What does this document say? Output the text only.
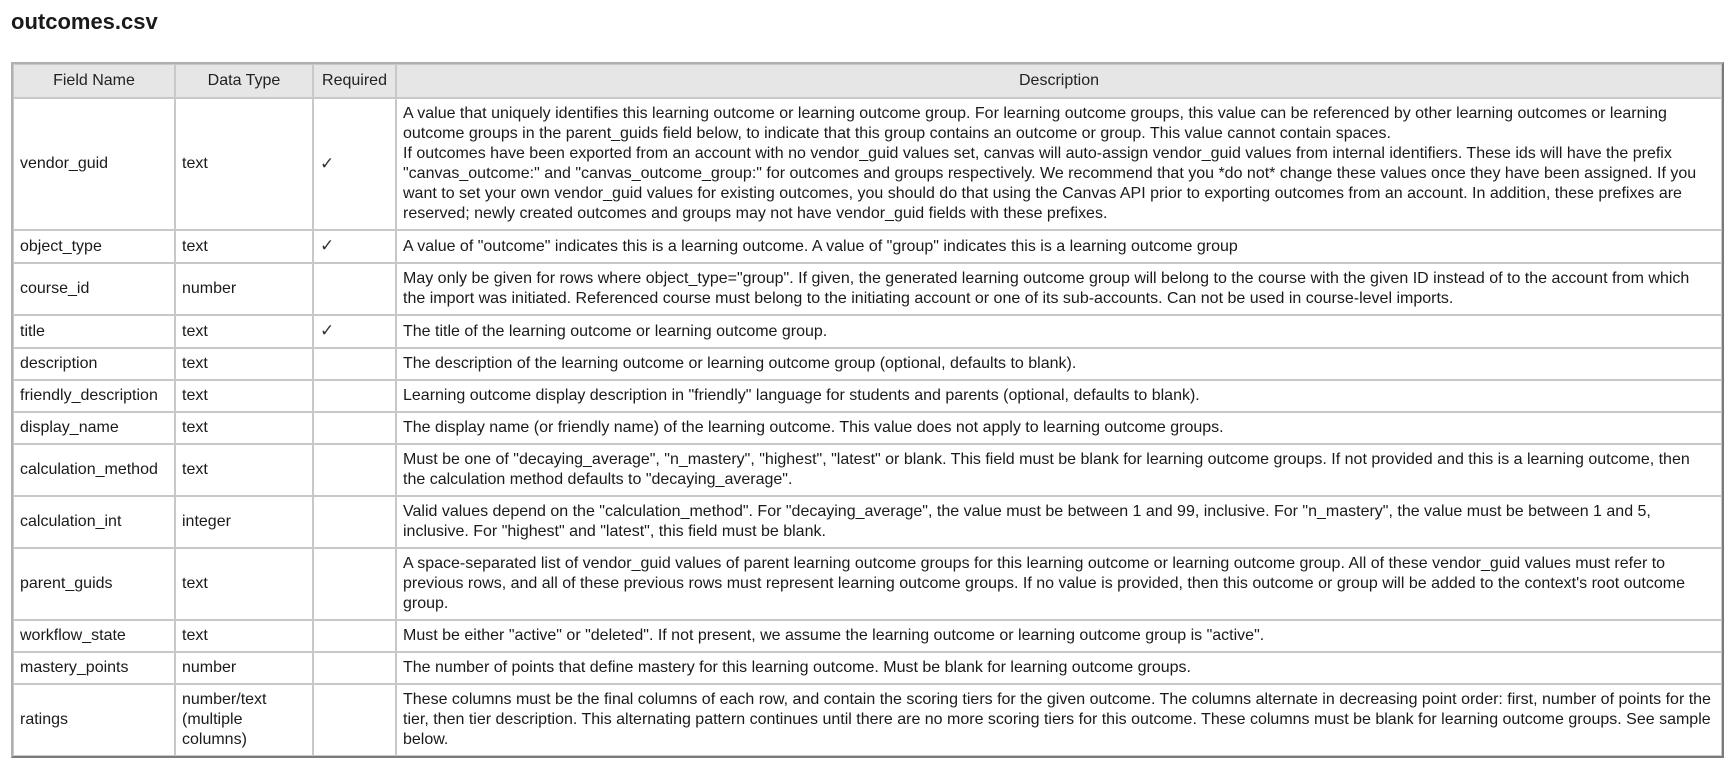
outcomes.csv
Field Name	Data Type	Required	Description
vendor_guid	text	✓	A value that uniquely identifies this learning outcome or learning outcome group. For learning outcome groups, this value can be referenced by other learning outcomes or learning outcome groups in the parent_guids field below, to indicate that this group contains an outcome or group. This value cannot contain spaces.
If outcomes have been exported from an account with no vendor_guid values set, canvas will auto-assign vendor_guid values from internal identifiers. These ids will have the prefix "canvas_outcome:" and "canvas_outcome_group:" for outcomes and groups respectively. We recommend that you *do not* change these values once they have been assigned. If you want to set your own vendor_guid values for existing outcomes, you should do that using the Canvas API prior to exporting outcomes from an account. In addition, these prefixes are reserved; newly created outcomes and groups may not have vendor_guid fields with these prefixes.

object_type	text	✓	A value of "outcome" indicates this is a learning outcome. A value of "group" indicates this is a learning outcome group

course_id	number		May only be given for rows where object_type="group". If given, the generated learning outcome group will belong to the course with the given ID instead of to the account from which the import was initiated. Referenced course must belong to the initiating account or one of its sub-accounts. Can not be used in course-level imports.

title	text	✓	The title of the learning outcome or learning outcome group.

description	text		The description of the learning outcome or learning outcome group (optional, defaults to blank).

friendly_description	text		Learning outcome display description in "friendly" language for students and parents (optional, defaults to blank).

display_name	text		The display name (or friendly name) of the learning outcome. This value does not apply to learning outcome groups.

calculation_method	text		Must be one of "decaying_average", "n_mastery", "highest", "latest" or blank. This field must be blank for learning outcome groups. If not provided and this is a learning outcome, then the calculation method defaults to "decaying_average".

calculation_int	integer		Valid values depend on the "calculation_method". For "decaying_average", the value must be between 1 and 99, inclusive. For "n_mastery", the value must be between 1 and 5, inclusive. For "highest" and "latest", this field must be blank.

parent_guids	text		A space-separated list of vendor_guid values of parent learning outcome groups for this learning outcome or learning outcome group. All of these vendor_guid values must refer to previous rows, and all of these previous rows must represent learning outcome groups. If no value is provided, then this outcome or group will be added to the context's root outcome group.

workflow_state	text		Must be either "active" or "deleted". If not present, we assume the learning outcome or learning outcome group is "active".

mastery_points	number		The number of points that define mastery for this learning outcome. Must be blank for learning outcome groups.

ratings	number/text (multiple columns)		These columns must be the final columns of each row, and contain the scoring tiers for the given outcome. The columns alternate in decreasing point order: first, number of points for the tier, then tier description. This alternating pattern continues until there are no more scoring tiers for this outcome. These columns must be blank for learning outcome groups. See sample below.
